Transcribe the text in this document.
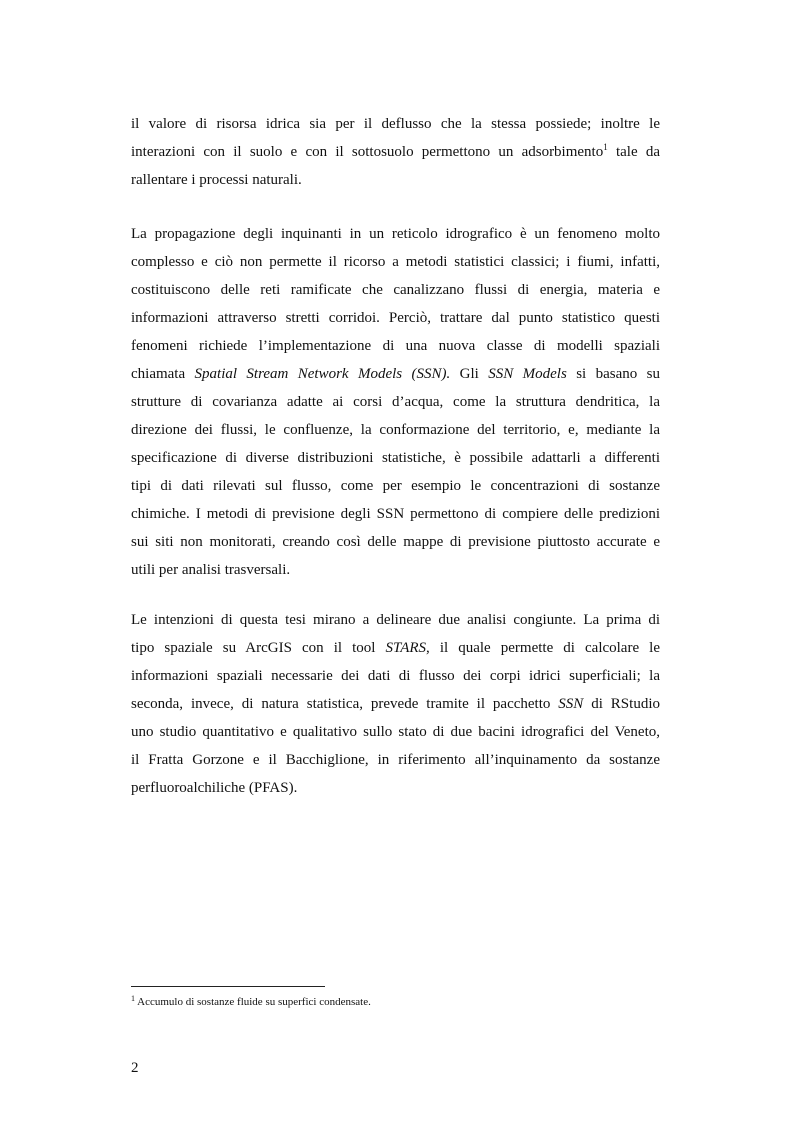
il valore di risorsa idrica sia per il deflusso che la stessa possiede; inoltre le
interazioni con il suolo e con il sottosuolo permettono un adsorbimento$^1$ tale da
rallentare i processi naturali.
La propagazione degli inquinanti in un reticolo idrografico è un fenomeno molto
complesso e ciò non permette il ricorso a metodi statistici classici; i fiumi, infatti,
costituiscono delle reti ramificate che canalizzano flussi di energia, materia e
informazioni attraverso stretti corridoi. Perciò, trattare dal punto statistico questi
fenomeni richiede l’implementazione di una nuova classe di modelli spaziali
chiamata Spatial Stream Network Models (SSN). Gli SSN Models si basano su
strutture di covarianza adatte ai corsi d’acqua, come la struttura dendritica, la
direzione dei flussi, le confluenze, la conformazione del territorio, e, mediante la
specificazione di diverse distribuzioni statistiche, è possibile adattarli a differenti
tipi di dati rilevati sul flusso, come per esempio le concentrazioni di sostanze
chimiche. I metodi di previsione degli SSN permettono di compiere delle predizioni
sui siti non monitorati, creando così delle mappe di previsione piuttosto accurate e
utili per analisi trasversali.
Le intenzioni di questa tesi mirano a delineare due analisi congiunte. La prima di
tipo spaziale su ArcGIS con il tool STARS, il quale permette di calcolare le
informazioni spaziali necessarie dei dati di flusso dei corpi idrici superficiali; la
seconda, invece, di natura statistica, prevede tramite il pacchetto SSN di RStudio
uno studio quantitativo e qualitativo sullo stato di due bacini idrografici del Veneto,
il Fratta Gorzone e il Bacchiglione, in riferimento all’inquinamento da sostanze
perfluoroalchiliche (PFAS).
$^1$ Accumulo di sostanze fluide su superfici condensate.
2
